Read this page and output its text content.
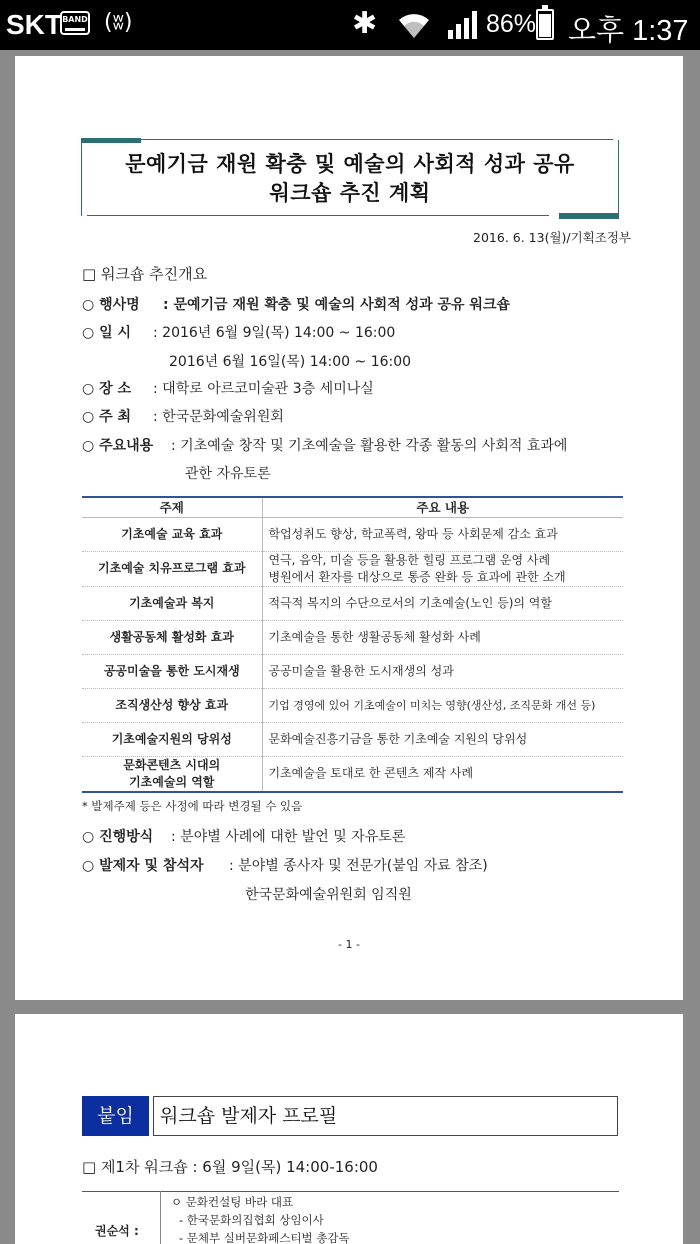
SKT BAND (ʬ)	✱	86% 오후 1:37
문예기금 재원 확충 및 예술의 사회적 성과 공유
워크숍 추진 계획
2016. 6. 13(월)/기획조정부
□ 워크숍 추진개요
○ 행사명 : 문예기금 재원 확충 및 예술의 사회적 성과 공유 워크숍
○ 일 시 : 2016년 6월 9일(목) 14:00 ~ 16:00
2016년 6월 16일(목) 14:00 ~ 16:00
○ 장 소 : 대학로 아르코미술관 3층 세미나실
○ 주 최 : 한국문화예술위원회
○ 주요내용 : 기초예술 창작 및 기초예술을 활용한 각종 활동의 사회적 효과에
관한 자유토론
주제	주요 내용
기초예술 교육 효과	학업성취도 향상, 학교폭력, 왕따 등 사회문제 감소 효과
기초예술 치유프로그램 효과	연극, 음악, 미술 등을 활용한 힐링 프로그램 운영 사례
병원에서 환자를 대상으로 통증 완화 등 효과에 관한 소개

기초예술과 복지	적극적 복지의 수단으로서의 기초예술(노인 등)의 역할
생활공동체 활성화 효과	기초예술을 통한 생활공동체 활성화 사례
공공미술을 통한 도시재생	공공미술을 활용한 도시재생의 성과
조직생산성 향상 효과	기업 경영에 있어 기초예술이 미치는 영향(생산성, 조직문화 개선 등)
기초예술지원의 당위성	문화예술진흥기금을 통한 기초예술 지원의 당위성

문화콘텐츠 시대의
기초예술의 역할	기초예술을 토대로 한 콘텐츠 제작 사례
* 발제주제 등은 사정에 따라 변경될 수 있음
○ 진행방식 : 분야별 사례에 대한 발언 및 자유토론
○ 발제자 및 참석자 : 분야별 종사자 및 전문가(붙임 자료 참조)
한국문화예술위원회 임직원
- 1 -
붙임	워크숍 발제자 프로필
□ 제1차 워크숍 : 6월 9일(목) 14:00-16:00
권순석 :
ㅇ 문화컨설팅 바라 대표
- 한국문화의집협회 상임이사
- 문체부 실버문화페스티벌 총감독
